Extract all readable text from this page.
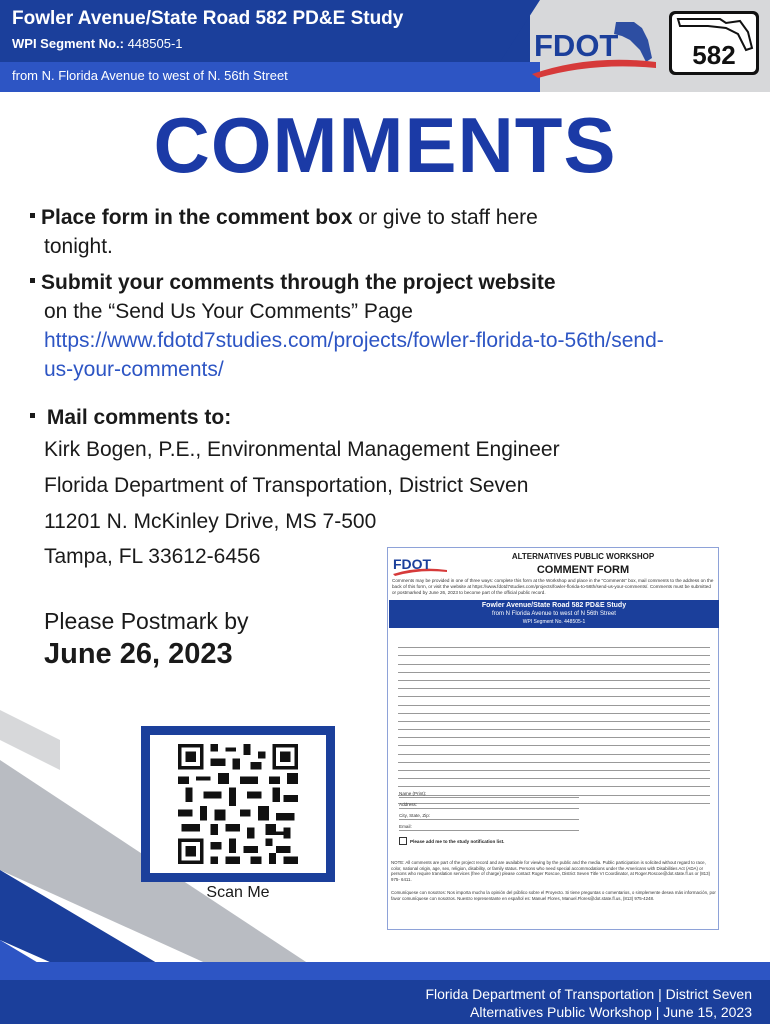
Fowler Avenue/State Road 582 PD&E Study
WPI Segment No.: 448505-1
from N. Florida Avenue to west of N. 56th Street
FDOT	582
COMMENTS
Place form in the comment box or give to staff here
tonight.
Submit your comments through the project website
on the “Send Us Your Comments” Page
https://www.fdotd7studies.com/projects/fowler-florida-to-56th/send-us-your-comments/
Mail comments to:
Kirk Bogen, P.E., Environmental Management Engineer
Florida Department of Transportation, District Seven
11201 N. McKinley Drive, MS 7-500
Tampa, FL 33612-6456
Please Postmark by
June 26, 2023
Scan Me
FDOT	ALTERNATIVES PUBLIC WORKSHOP
COMMENT FORM
Comments may be provided in one of three ways: complete this form at the Workshop and place in the “Comments” box, mail comments to the address on the back of this form, or visit the website at https://www.fdotd7studies.com/projects/fowler-florida-to-56th/send-us-your-comments/. Comments must be submitted or postmarked by June 26, 2023 to become part of the official public record.
Fowler Avenue/State Road 582 PD&E Study
from N Florida Avenue to west of N 56th Street
WPI Segment No. 448505-1
Name (Print):
Address:
City, State, Zip:
Email:
Please add me to the study notification list.
NOTE: All comments are part of the project record and are available for viewing by the public and the media. Public participation is solicited without regard to race, color, national origin, age, sex, religion, disability, or family status. Persons who need special accommodations under the Americans with Disabilities Act (ADA) or persons who require translation services (free of charge) please contact Roger Roscoe, District Seven Title VI Coordinator, at Roger.Roscoe@dot.state.fl.us or (813) 975- 6411.
Comuníquese con nosotros: Nos importa mucho la opinión del público sobre el Proyecto. Si tiene preguntas o comentarios, o simplemente desea más información, por favor comuníquese con nosotros. Nuestro representante en español es: Manuel Flores, Manuel.Flores@dot.state.fl.us, (813) 975-4248.
Florida Department of Transportation | District Seven
Alternatives Public Workshop | June 15, 2023
